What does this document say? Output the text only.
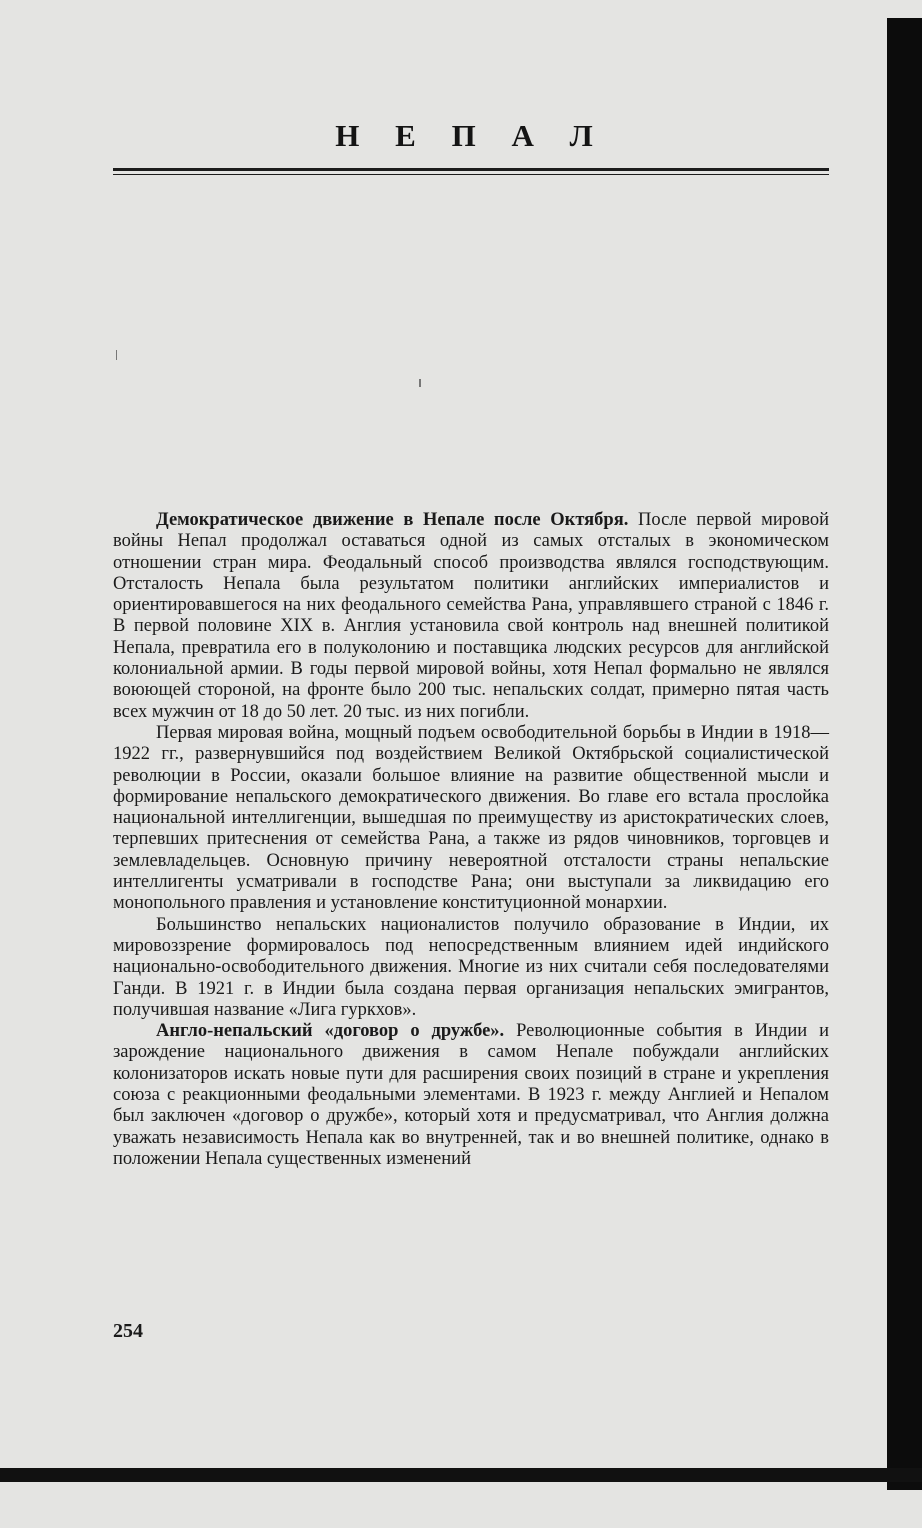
Н Е П А Л

Демократическое движение в Непале после Октября. После первой мировой войны Непал продолжал оставаться одной из самых отсталых в экономическом отношении стран мира. Феодальный способ производства являлся господствующим. Отсталость Непала была результатом политики английских империалистов и ориентировавшегося на них феодального семейства Рана, управлявшего страной с 1846 г. В первой половине XIX в. Англия установила свой контроль над внешней политикой Непала, превратила его в полуколонию и поставщика людских ресурсов для английской колониальной армии. В годы первой мировой войны, хотя Непал формально не являлся воюющей стороной, на фронте было 200 тыс. непальских солдат, примерно пятая часть всех мужчин от 18 до 50 лет. 20 тыс. из них погибли.

Первая мировая война, мощный подъем освободительной борьбы в Индии в 1918—1922 гг., развернувшийся под воздействием Великой Октябрьской социалистической революции в России, оказали большое влияние на развитие общественной мысли и формирование непальского демократического движения. Во главе его встала прослойка национальной интеллигенции, вышедшая по преимуществу из аристократических слоев, терпевших притеснения от семейства Рана, а также из рядов чиновников, торговцев и землевладельцев. Основную причину невероятной отсталости страны непальские интеллигенты усматривали в господстве Рана; они выступали за ликвидацию его монопольного правления и установление конституционной монархии.

Большинство непальских националистов получило образование в Индии, их мировоззрение формировалось под непосредственным влиянием идей индийского национально-освободительного движения. Многие из них считали себя последователями Ганди. В 1921 г. в Индии была создана первая организация непальских эмигрантов, получившая название «Лига гуркхов».

Англо-непальский «договор о дружбе». Революционные события в Индии и зарождение национального движения в самом Непале побуждали английских колонизаторов искать новые пути для расширения своих позиций в стране и укрепления союза с реакционными феодальными элементами. В 1923 г. между Англией и Непалом был заключен «договор о дружбе», который хотя и предусматривал, что Англия должна уважать независимость Непала как во внутренней, так и во внешней политике, однако в положении Непала существенных изменений

254
